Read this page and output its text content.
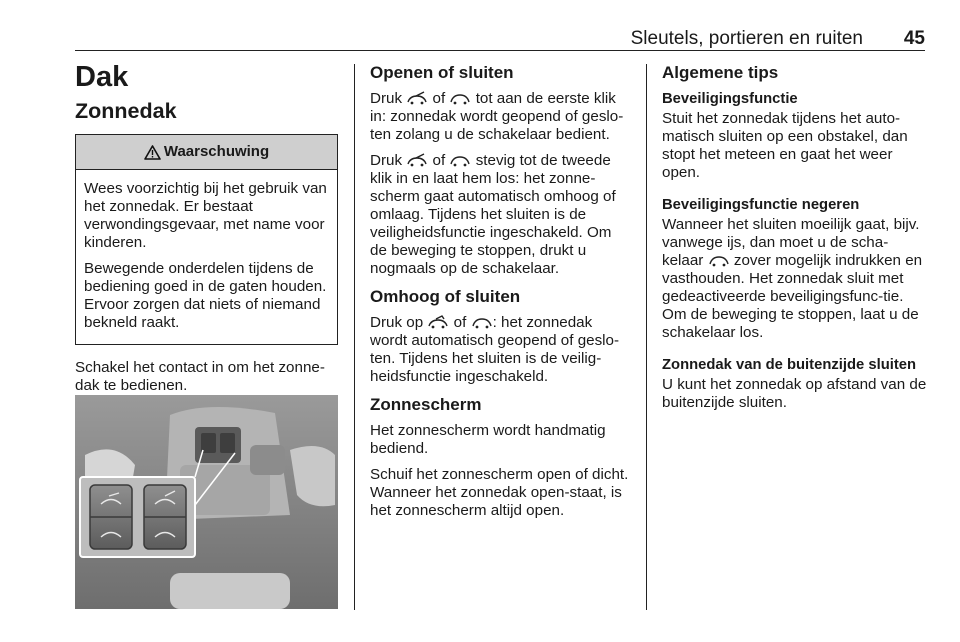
Sleutels, portieren en ruiten 45
Dak
Zonnedak
Waarschuwing

Wees voorzichtig bij het gebruik van het zonnedak. Er bestaat verwondingsgevaar, met name voor kinderen.

Bewegende onderdelen tijdens de bediening goed in de gaten houden. Ervoor zorgen dat niets of niemand bekneld raakt.

Schakel het contact in om het zonne-dak te bedienen.

Openen of sluiten

Druk of tot aan de eerste klik in: zonnedak wordt geopend of geslo-ten zolang u de schakelaar bedient.

Druk of stevig tot de tweede klik in en laat hem los: het zonne-scherm gaat automatisch omhoog of omlaag. Tijdens het sluiten is de veiligheidsfunctie ingeschakeld. Om de beweging te stoppen, drukt u nogmaals op de schakelaar.

Omhoog of sluiten

Druk op of : het zonnedak wordt automatisch geopend of geslo-ten. Tijdens het sluiten is de veilig-heidsfunctie ingeschakeld.

Zonnescherm

Het zonnescherm wordt handmatig bediend.

Schuif het zonnescherm open of dicht. Wanneer het zonnedak open-staat, is het zonnescherm altijd open.

Algemene tips
Beveiligingsfunctie

Stuit het zonnedak tijdens het auto-matisch sluiten op een obstakel, dan stopt het meteen en gaat het weer open.

Beveiligingsfunctie negeren

Wanneer het sluiten moeilijk gaat, bijv. vanwege ijs, dan moet u de scha-kelaar zover mogelijk indrukken en vasthouden. Het zonnedak sluit met gedeactiveerde beveiligingsfunc-tie. Om de beweging te stoppen, laat u de schakelaar los.

Zonnedak van de buitenzijde sluiten

U kunt het zonnedak op afstand van de buitenzijde sluiten.
